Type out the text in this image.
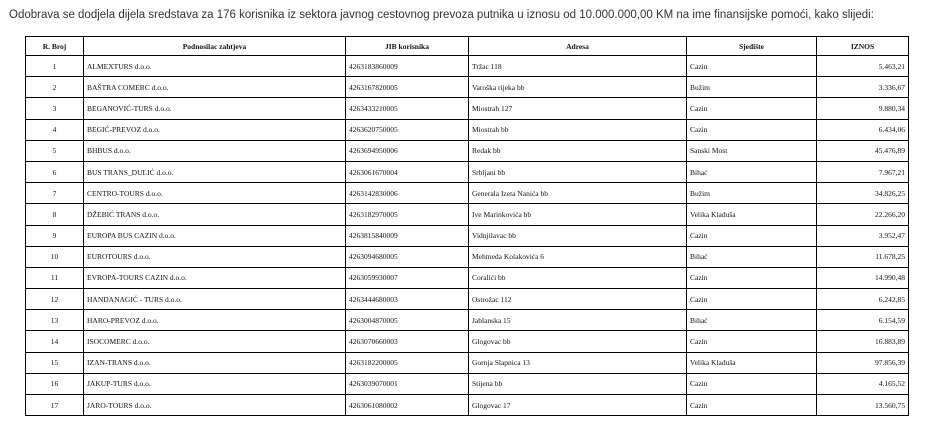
Odobrava se dodjela dijela sredstava za 176 korisnika iz sektora javnog cestovnog prevoza putnika u iznosu od 10.000.000,00 KM na ime finansijske pomoći, kako slijedi:
R. Broj	Podnosilac zahtjeva	JIB korisnika	Adresa	Sjedište	IZNOS
1	ALMEXTURS d.o.o.	4263183860009	Tržac 118	Cazin	5.463,21
2	BAŠTRA COMERC d.o.o.	4263167820005	Varoška rijeka bb	Bužim	3.336,67
3	BEGANOVIĆ-TURS d.o.o.	4263433210005	Miostrah 127	Cazin	9.880,34
4	BEGIĆ-PREVOZ d.o.o.	4263620750005	Miostrah bb	Cazin	6.434,06
5	BHBUS d.o.o.	4263694950006	Redak bb	Sanski Most	45.476,89
6	BUS TRANS_DULIĆ d.o.o.	4263061670004	Srbljani bb	Bihać	7.967,21
7	CENTRO-TOURS d.o.o.	4263142830006	Generala Izeta Nanića bb	Bužim	34.826,25
8	DŽEBIĆ TRANS d.o.o.	4263182970005	Ive Marinkovića bb	Velika Kladuša	22.266,20
9	EUROPA BUS CAZIN d.o.o.	4263815840009	Vidnjilavac bb	Cazin	3.952,47
10	EUROTOURS d.o.o.	4263094680005	Mehmeda Kolakovića 6	Bihać	11.678,25
11	EVROPA-TOURS CAZIN d.o.o.	4263059930007	Coralići bb	Cazin	14.990,48
12	HANDANAGIĆ - TURS d.o.o.	4263444680003	Ostrožac 112	Cazin	6.242,85
13	HARO-PREVOZ d.o.o.	4263004870005	Jablanska 15	Bihać	6.154,59
14	ISOCOMERC d.o.o.	4263070660003	Glogovac bb	Cazin	16.883,89
15	IZAN-TRANS d.o.o.	4263182200005	Gornja Slapnica 13	Velika Kladuša	97.856,39
16	JAKUP-TURS d.o.o.	4263039070001	Stijena bb	Cazin	4.165,52
17	JARO-TOURS d.o.o.	4263061080002	Glogovac 17	Cazin	13.560,75
